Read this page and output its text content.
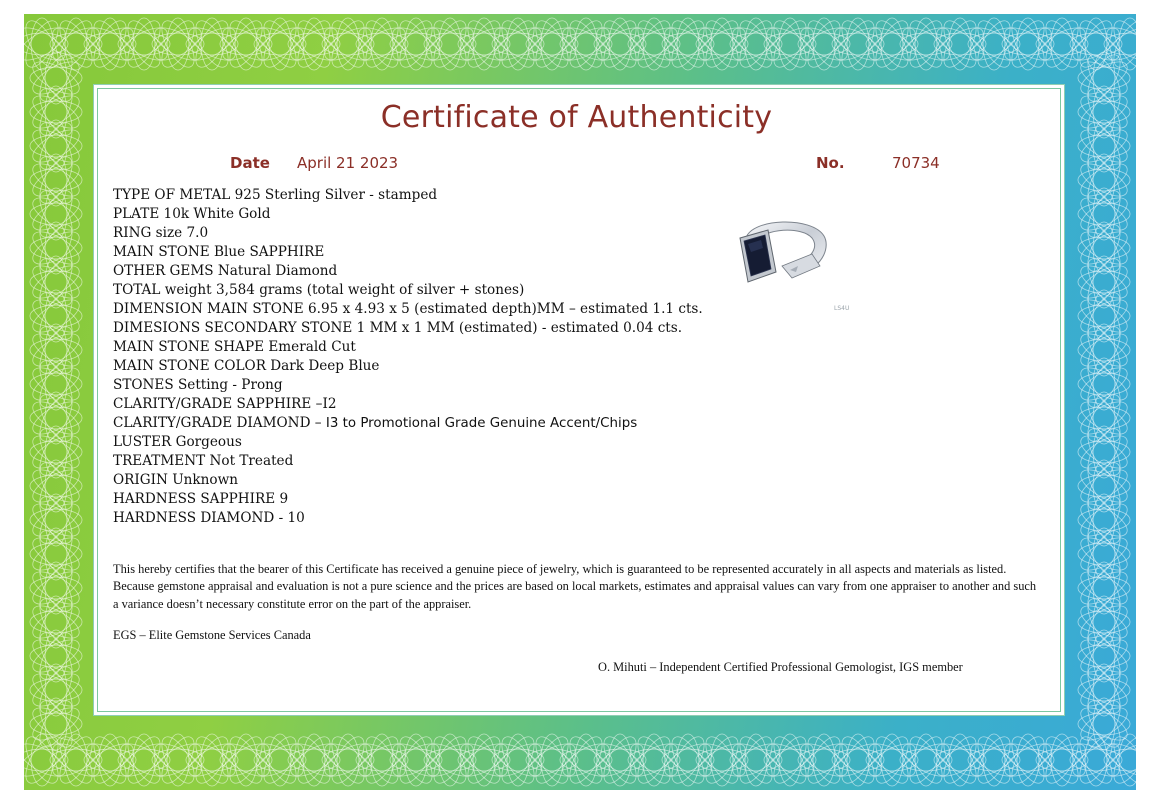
Certificate of Authenticity
Date April 21 2023	No.	70734
TYPE OF METAL 925 Sterling Silver - stamped
PLATE 10k White Gold
RING size 7.0
MAIN STONE Blue SAPPHIRE
OTHER GEMS Natural Diamond
TOTAL weight 3,584 grams (total weight of silver + stones)
DIMENSION MAIN STONE 6.95 x 4.93 x 5 (estimated depth)MM – estimated 1.1 cts.
DIMESIONS SECONDARY STONE 1 MM x 1 MM (estimated) - estimated 0.04 cts.
MAIN STONE SHAPE Emerald Cut
MAIN STONE COLOR Dark Deep Blue
STONES Setting - Prong
CLARITY/GRADE SAPPHIRE –I2
CLARITY/GRADE DIAMOND – I3 to Promotional Grade Genuine Accent/Chips
LUSTER Gorgeous
TREATMENT Not Treated
ORIGIN Unknown
HARDNESS SAPPHIRE 9
HARDNESS DIAMOND - 10
LS4U

This hereby certifies that the bearer of this Certificate has received a genuine piece of jewelry, which is guaranteed to be represented accurately in all aspects and materials as listed. Because gemstone appraisal and evaluation is not a pure science and the prices are based on local markets, estimates and appraisal values can vary from one appraiser to another and such a variance doesn’t necessary constitute error on the part of the appraiser.

EGS – Elite Gemstone Services Canada
O. Mihuti – Independent Certified Professional Gemologist, IGS member
